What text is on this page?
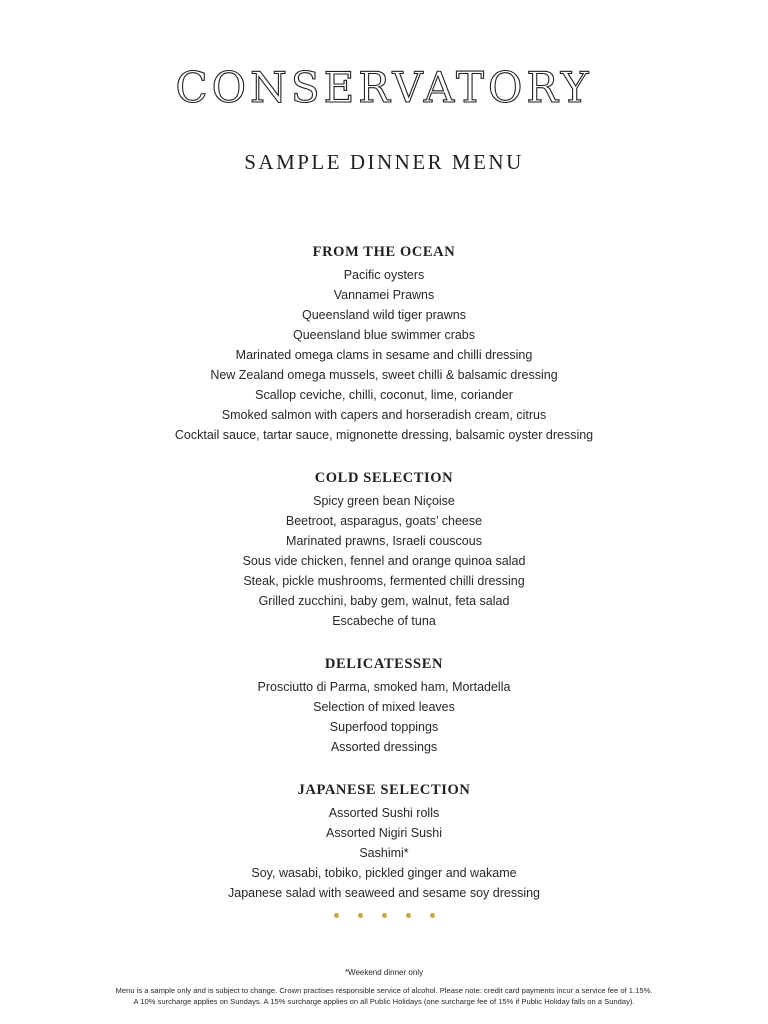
CONSERVATORY
SAMPLE DINNER MENU
FROM THE OCEAN
Pacific oysters
Vannamei Prawns
Queensland wild tiger prawns
Queensland blue swimmer crabs
Marinated omega clams in sesame and chilli dressing
New Zealand omega mussels, sweet chilli & balsamic dressing
Scallop ceviche, chilli, coconut, lime, coriander
Smoked salmon with capers and horseradish cream, citrus
Cocktail sauce, tartar sauce, mignonette dressing, balsamic oyster dressing
COLD SELECTION
Spicy green bean Niçoise
Beetroot, asparagus, goats’ cheese
Marinated prawns, Israeli couscous
Sous vide chicken, fennel and orange quinoa salad
Steak, pickle mushrooms, fermented chilli dressing
Grilled zucchini, baby gem, walnut, feta salad
Escabeche of tuna
DELICATESSEN
Prosciutto di Parma, smoked ham, Mortadella
Selection of mixed leaves
Superfood toppings
Assorted dressings
JAPANESE SELECTION
Assorted Sushi rolls
Assorted Nigiri Sushi
Sashimi*
Soy, wasabi, tobiko, pickled ginger and wakame
Japanese salad with seaweed and sesame soy dressing
*Weekend dinner only
Menu is a sample only and is subject to change. Crown practises responsible service of alcohol. Please note: credit card payments incur a service fee of 1.15%.
A 10% surcharge applies on Sundays. A 15% surcharge applies on all Public Holidays (one surcharge fee of 15% if Public Holiday falls on a Sunday).
